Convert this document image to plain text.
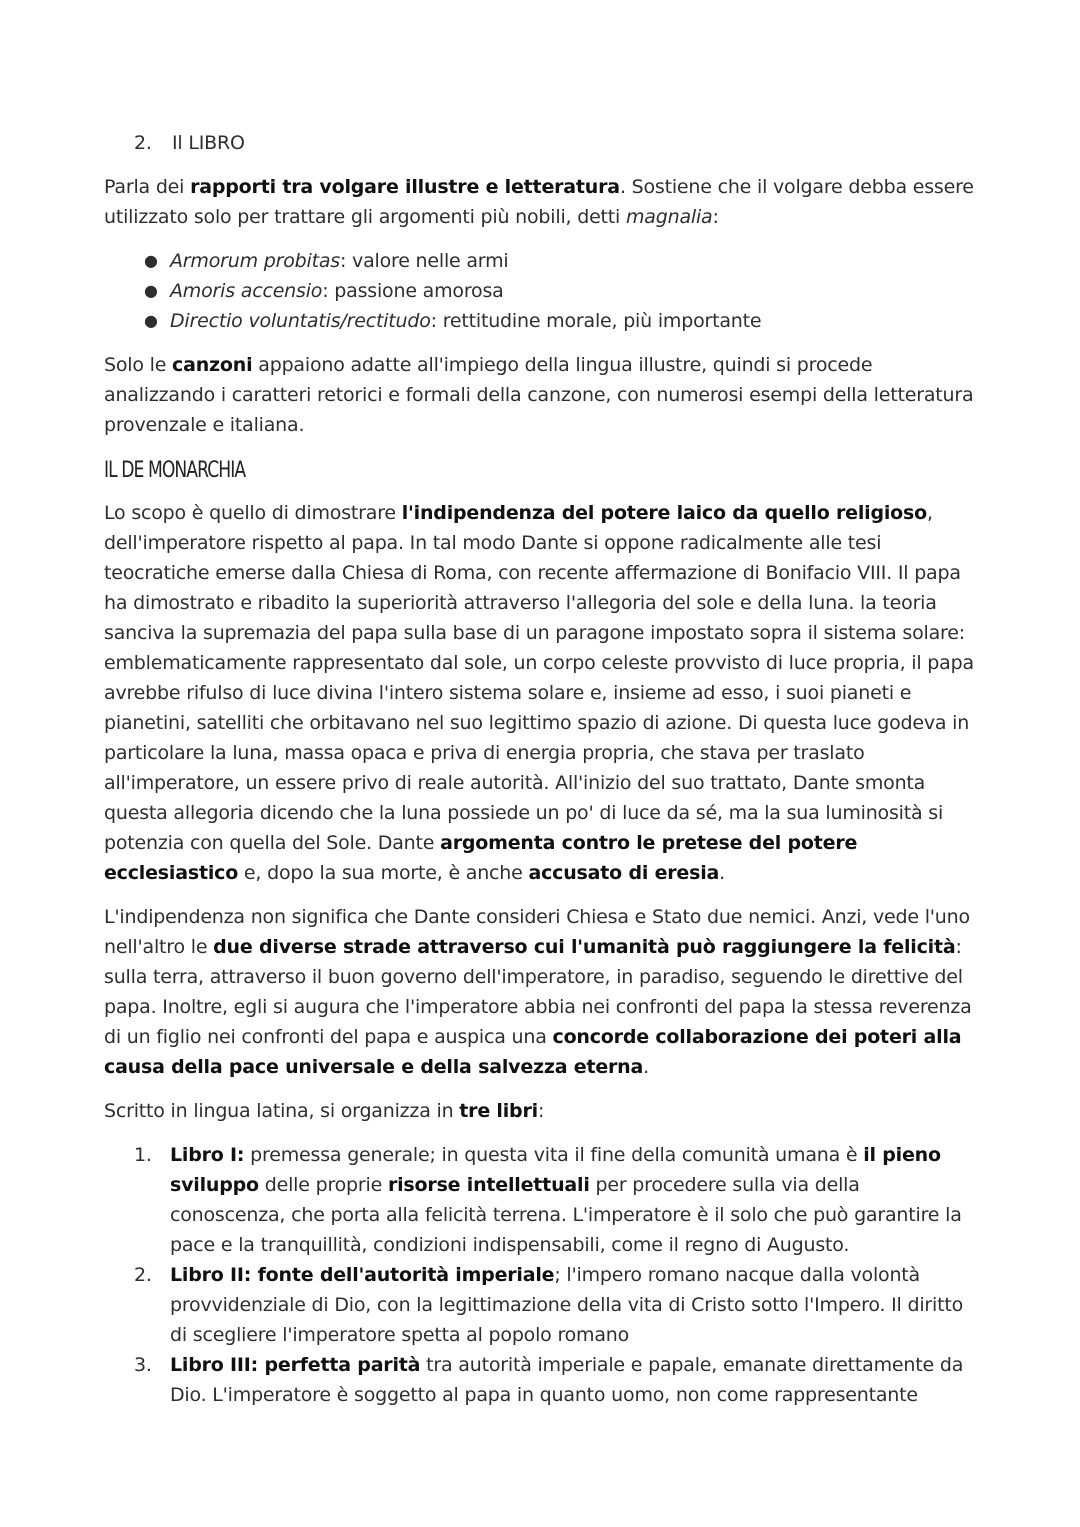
2.	Il LIBRO

Parla dei rapporti tra volgare illustre e letteratura. Sostiene che il volgare debba essere utilizzato solo per trattare gli argomenti più nobili, detti magnalia:

● Armorum probitas: valore nelle armi
● Amoris accensio: passione amorosa
● Directio voluntatis/rectitudo: rettitudine morale, più importante

Solo le canzoni appaiono adatte all'impiego della lingua illustre, quindi si procede analizzando i caratteri retorici e formali della canzone, con numerosi esempi della letteratura provenzale e italiana.

IL DE MONARCHIA

Lo scopo è quello di dimostrare l'indipendenza del potere laico da quello religioso, dell'imperatore rispetto al papa. In tal modo Dante si oppone radicalmente alle tesi teocratiche emerse dalla Chiesa di Roma, con recente affermazione di Bonifacio VIII. Il papa ha dimostrato e ribadito la superiorità attraverso l'allegoria del sole e della luna. la teoria sanciva la supremazia del papa sulla base di un paragone impostato sopra il sistema solare: emblematicamente rappresentato dal sole, un corpo celeste provvisto di luce propria, il papa avrebbe rifulso di luce divina l'intero sistema solare e, insieme ad esso, i suoi pianeti e pianetini, satelliti che orbitavano nel suo legittimo spazio di azione. Di questa luce godeva in particolare la luna, massa opaca e priva di energia propria, che stava per traslato all'imperatore, un essere privo di reale autorità. All'inizio del suo trattato, Dante smonta questa allegoria dicendo che la luna possiede un po' di luce da sé, ma la sua luminosità si potenzia con quella del Sole. Dante argomenta contro le pretese del potere ecclesiastico e, dopo la sua morte, è anche accusato di eresia.

L'indipendenza non significa che Dante consideri Chiesa e Stato due nemici. Anzi, vede l'uno nell'altro le due diverse strade attraverso cui l'umanità può raggiungere la felicità: sulla terra, attraverso il buon governo dell'imperatore, in paradiso, seguendo le direttive del papa. Inoltre, egli si augura che l'imperatore abbia nei confronti del papa la stessa reverenza di un figlio nei confronti del papa e auspica una concorde collaborazione dei poteri alla causa della pace universale e della salvezza eterna.

Scritto in lingua latina, si organizza in tre libri:

1. Libro I: premessa generale; in questa vita il fine della comunità umana è il pieno sviluppo delle proprie risorse intellettuali per procedere sulla via della conoscenza, che porta alla felicità terrena. L'imperatore è il solo che può garantire la pace e la tranquillità, condizioni indispensabili, come il regno di Augusto.
2. Libro II: fonte dell'autorità imperiale; l'impero romano nacque dalla volontà provvidenziale di Dio, con la legittimazione della vita di Cristo sotto l'Impero. Il diritto di scegliere l'imperatore spetta al popolo romano
3. Libro III: perfetta parità tra autorità imperiale e papale, emanate direttamente da Dio. L'imperatore è soggetto al papa in quanto uomo, non come rappresentante
